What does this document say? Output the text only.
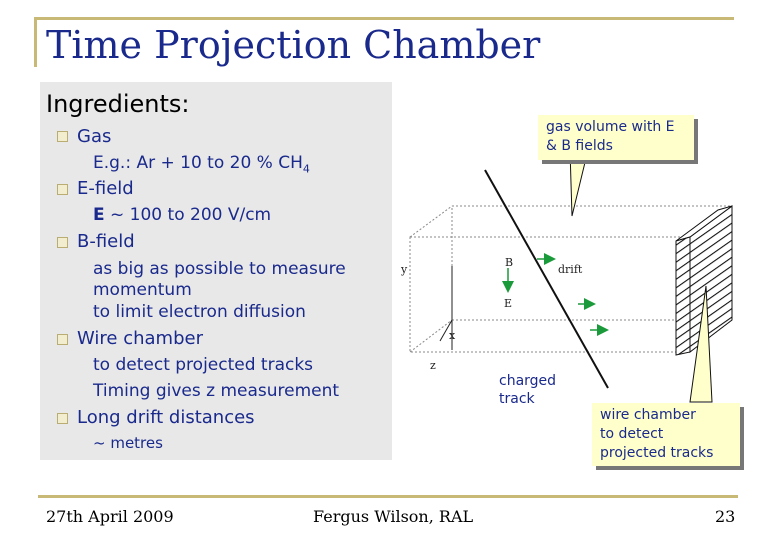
Time Projection Chamber
Ingredients:
Gas
E.g.: Ar + 10 to 20 % $CH_4$
E-field
E ~ 100 to 200 V/cm
B-field
as big as possible to measure
momentum
to limit electron diffusion
Wire chamber
to detect projected tracks
Timing gives z measurement
Long drift distances
~ metres
y
x
z
B
E
drift
charged
track
gas volume with E
& B fields
wire chamber
to detect
projected tracks
27th April 2009	Fergus Wilson, RAL	23
